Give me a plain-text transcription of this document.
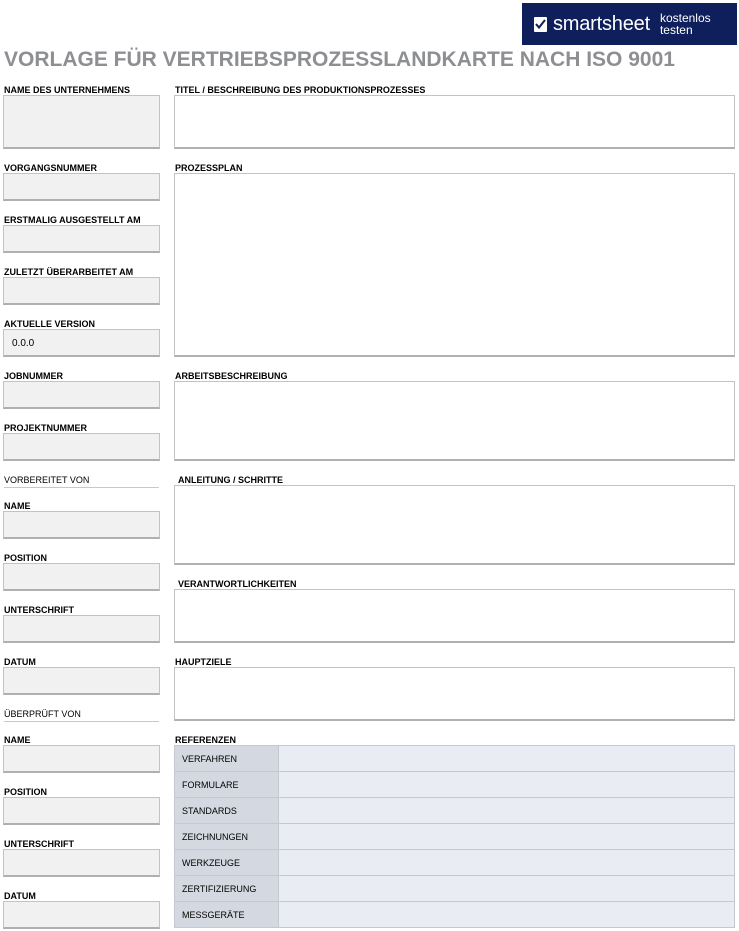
smartsheet kostenlos testen
VORLAGE FÜR VERTRIEBSPROZESSLANDKARTE NACH ISO 9001
NAME DES UNTERNEHMENS
VORGANGSNUMMER
ERSTMALIG AUSGESTELLT AM
ZULETZT ÜBERARBEITET AM
AKTUELLE VERSION
0.0.0
JOBNUMMER
PROJEKTNUMMER
VORBEREITET VON
NAME
POSITION
UNTERSCHRIFT
DATUM
ÜBERPRÜFT VON
NAME
POSITION
UNTERSCHRIFT
DATUM
TITEL / BESCHREIBUNG DES PRODUKTIONSPROZESSES
PROZESSPLAN
ARBEITSBESCHREIBUNG
ANLEITUNG / SCHRITTE
VERANTWORTLICHKEITEN
HAUPTZIELE
REFERENZEN
VERFAHREN	
FORMULARE	
STANDARDS	
ZEICHNUNGEN	
WERKZEUGE	
ZERTIFIZIERUNG	
MESSGERÄTE	
